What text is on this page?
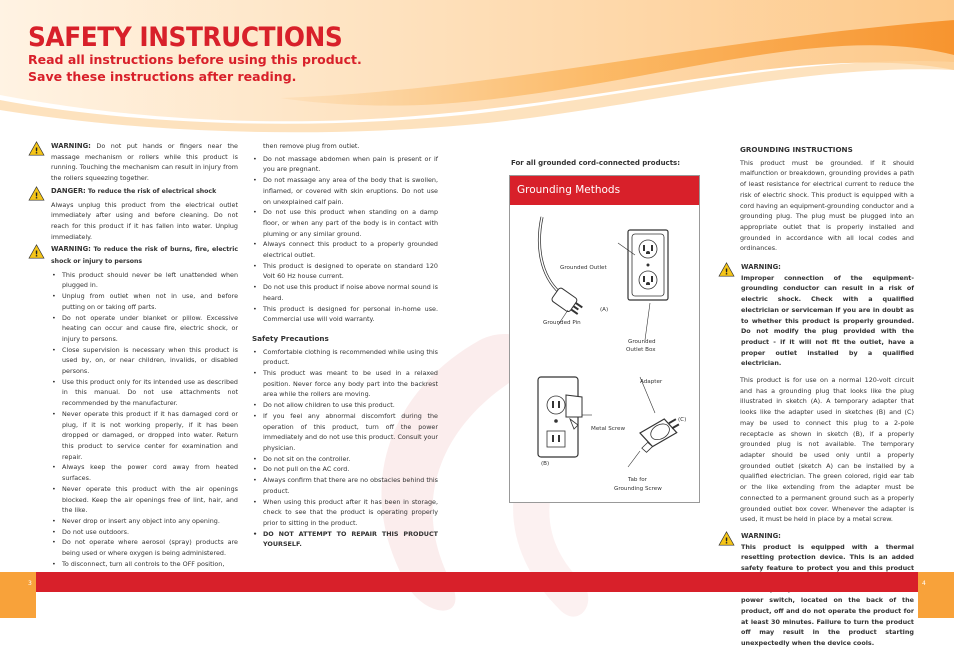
SAFETY INSTRUCTIONS
Read all instructions before using this product.
Save these instructions after reading.
! WARNING: Do not put hands or fingers near the massage mechanism or rollers while this product is running. Touching the mechanism can result in injury from the rollers squeezing together.

! DANGER: To reduce the risk of electrical shock

Always unplug this product from the electrical outlet immediately after using and before cleaning. Do not reach for this product if it has fallen into water. Unplug immediately.

! WARNING: To reduce the risk of burns, fire, electric shock or injury to persons

• This product should never be left unattended when plugged in.
• Unplug from outlet when not in use, and before putting on or taking off parts.
• Do not operate under blanket or pillow. Excessive heating can occur and cause fire, electric shock, or injury to persons.
• Close supervision is necessary when this product is used by, on, or near children, invalids, or disabled persons.
• Use this product only for its intended use as described in this manual. Do not use attachments not recommended by the manufacturer.
• Never operate this product if it has damaged cord or plug, if it is not working properly, if it has been dropped or damaged, or dropped into water. Return this product to service center for examination and repair.
• Always keep the power cord away from heated surfaces.
• Never operate this product with the air openings blocked. Keep the air openings free of lint, hair, and the like.
• Never drop or insert any object into any opening.
• Do not use outdoors.
• Do not operate where aerosol (spray) products are being used or where oxygen is being administered.
• To disconnect, turn all controls to the OFF position,

then remove plug from outlet.

• Do not massage abdomen when pain is present or if you are pregnant.
• Do not massage any area of the body that is swollen, inflamed, or covered with skin eruptions. Do not use on unexplained calf pain.
• Do not use this product when standing on a damp floor, or when any part of the body is in contact with pluming or any similar ground.
• Always connect this product to a properly grounded electrical outlet.
• This product is designed to operate on standard 120 Volt 60 Hz house current.
• Do not use this product if noise above normal sound is heard.
• This product is designed for personal in-home use. Commercial use will void warranty.
Safety Precautions
• Comfortable clothing is recommended while using this product.
• This product was meant to be used in a relaxed position. Never force any body part into the backrest area while the rollers are moving.
• Do not allow children to use this product.
• If you feel any abnormal discomfort during the operation of this product, turn off the power immediately and do not use this product. Consult your physician.
• Do not sit on the controller.
• Do not pull on the AC cord.
• Always confirm that there are no obstacles behind this product.
• When using this product after it has been in storage, check to see that the product is operating properly prior to sitting in the product.
• DO NOT ATTEMPT TO REPAIR THIS PRODUCT YOURSELF.
For all grounded cord-connected products:
Grounding Methods
Grounded Outlet
(A)
Grounded Pin
Grounded
Outlet Box
Adapter
(C)
Metal Screw
(B)
Tab for
Grounding Screw
GROUNDING INSTRUCTIONS

This product must be grounded. If it should malfunction or breakdown, grounding provides a path of least resistance for electrical current to reduce the risk of electric shock. This product is equipped with a cord having an equipment-grounding conductor and a grounding plug. The plug must be plugged into an appropriate outlet that is properly installed and grounded in accordance with all local codes and ordinances.

! WARNING:

Improper connection of the equipment-grounding conductor can result in a risk of electric shock. Check with a qualified electrician or serviceman if you are in doubt as to whether this product is properly grounded. Do not modify the plug provided with the product - if it will not fit the outlet, have a proper outlet installed by a qualified electrician.

This product is for use on a normal 120-volt circuit and has a grounding plug that looks like the plug illustrated in sketch (A). A temporary adapter that looks like the adapter used in sketches (B) and (C) may be used to connect this plug to a 2-pole receptacle as shown in sketch (B), if a properly grounded plug is not available. The temporary adapter should be used only until a properly grounded outlet (sketch A) can be installed by a qualified electrician. The green colored, rigid ear tab or the like extending from the adapter must be connected to a permanent ground such as a properly grounded outlet box cover. Whenever the adapter is used, it must be held in place by a metal screw.

! WARNING:

This product is equipped with a thermal resetting protection device. This is an added safety feature to protect you and this product power switch, located on the back of the product, off and do not operate the product for at least 30 minutes. Failure to turn the product off may result in the product starting unexpectedly when the device cools.

3	4
